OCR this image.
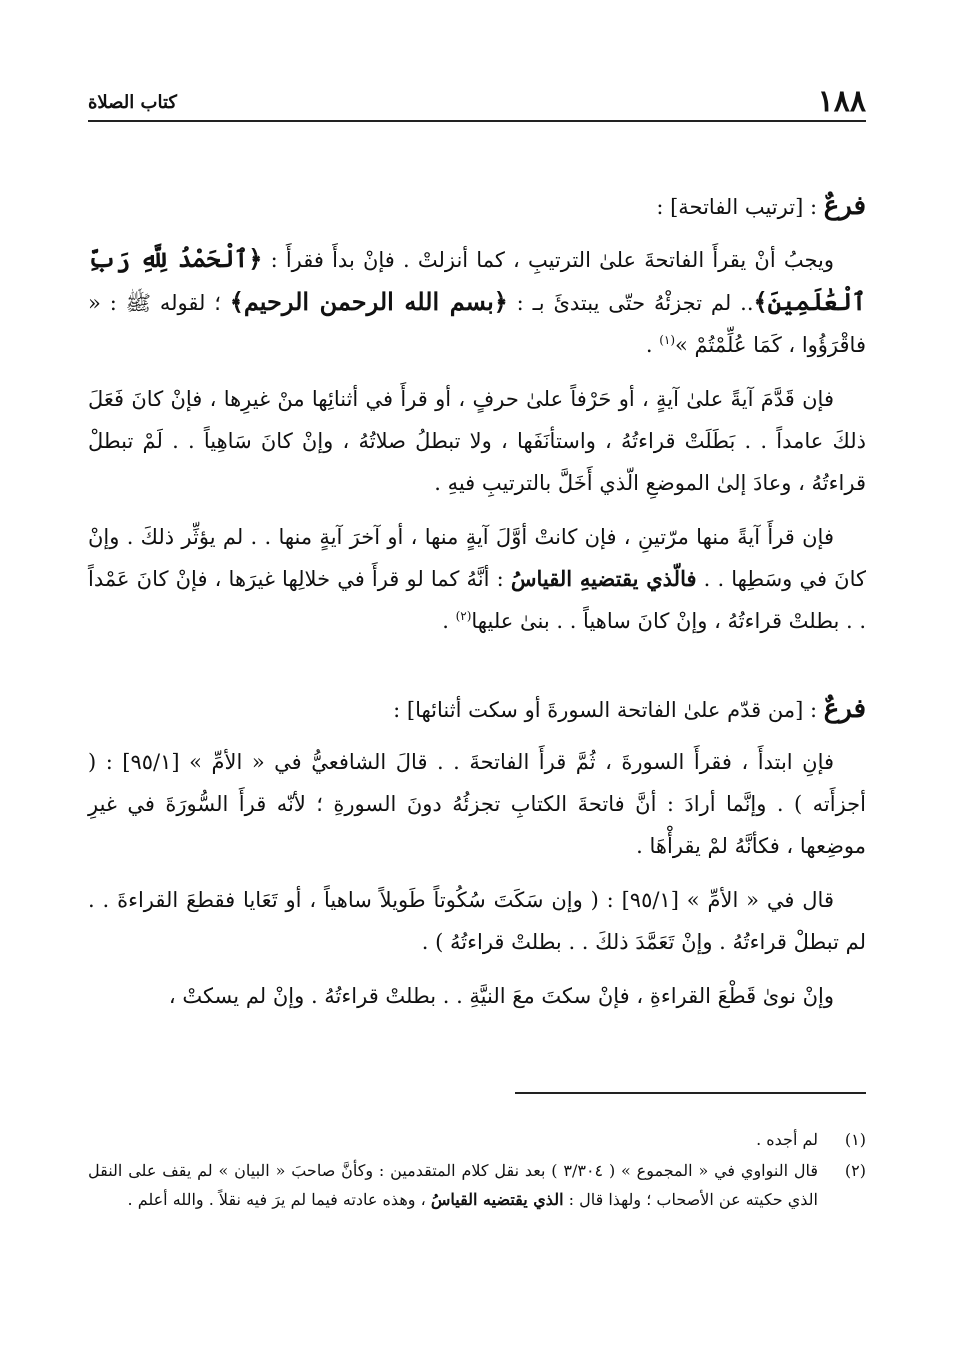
١٨٨
كتاب الصلاة
فرعٌ : [ترتيب الفاتحة] :

ويجبُ أنْ يقرأَ الفاتحةَ علىٰ الترتيبِ ، كما أنزلتْ . فإنْ بدأَ فقرأَ : ﴿ٱلْحَمْدُ لِلَّهِ رَبِّ ٱلْعَٰلَمِينَ﴾.. لم تجزئْهُ حتّى يبتدئَ بـ : ﴿بسم الله الرحمن الرحيم﴾ ؛ لقوله ﷺ : « فاقْرَؤُوا ، كَمَا عُلِّمْتُمْ »$^{(١)}$ .

فإن قَدَّمَ آيةً علىٰ آيةٍ ، أو حَرْفاً علىٰ حرفٍ ، أو قرأَ في أثنائِها منْ غيرِها ، فإنْ كانَ فَعَلَ ذلكَ عامداً . . بَطَلَتْ قراءتُهُ ، واستأنَفَها ، ولا تبطلُ صلاتُهُ ، وإنْ كانَ سَاهِياً . . لَمْ تبطلْ قراءتُهُ ، وعادَ إلىٰ الموضعِ الّذي أَخَلَّ بالترتيبِ فيهِ .

فإن قرأَ آيةً منها مرّتينِ ، فإن كانتْ أوَّلَ آيةٍ منها ، أو آخرَ آيةٍ منها . . لم يؤثِّر ذلكَ . وإنْ كانَ في وسَطِها . . فالّذي يقتضيهِ القياسُ : أنَّهُ كما لو قرأَ في خلالِها غيرَها ، فإنْ كانَ عَمْداً . . بطلتْ قراءتُهُ ، وإنْ كانَ ساهياً . . بنىٰ عليها$^{(٢)}$ .

فرعٌ : [من قدّم علىٰ الفاتحة السورةَ أو سكت أثنائها] :

فإنِ ابتدأَ ، فقرأَ السورةَ ، ثُمَّ قرأَ الفاتحةَ . . قالَ الشافعيُّ في « الأمِّ » [٩٥/١] : ( أجزأَته ) . وإنَّما أرادَ : أنَّ فاتحةَ الكتابِ تجزئُهُ دونَ السورةِ ؛ لأنّه قرأَ السُّورَةَ في غيرِ موضِعها ، فكأنَّهُ لمْ يقرأْهَا .

قال في « الأمِّ » [٩٥/١] : ( وإن سَكَتَ سُكُوتاً طَويلاً ساهياً ، أو تَعَايا فقطعَ القراءةَ . . لم تبطلْ قراءتُهُ . وإنْ تَعَمَّدَ ذلكَ . . بطلتْ قراءتُهُ ) .

وإنْ نوىٰ قَطْعَ القراءةِ ، فإنْ سكتَ معَ النيَّةِ . . بطلتْ قراءتُهُ . وإنْ لم يسكتْ ،

(١)
لم أجده .
(٢)
قال النواوي في « المجموع » ( ٣/٣٠٤ ) بعد نقل كلام المتقدمين : وكأنَّ صاحبَ « البيان » لم يقف على النقل الذي حكيته عن الأصحاب ؛ ولهذا قال : الذي يقتضيه القياسُ ، وهذه عادته فيما لم يرَ فيه نقلاً . والله أعلم .
